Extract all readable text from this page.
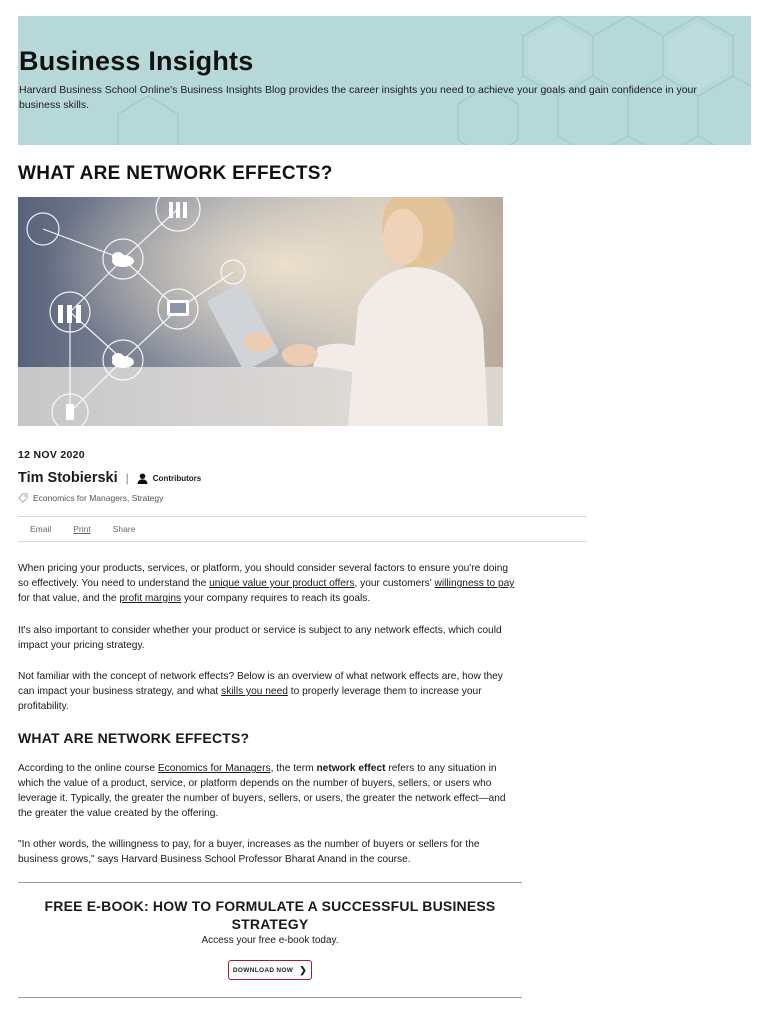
Business Insights

Harvard Business School Online's Business Insights Blog provides the career insights you need to achieve your goals and gain confidence in your business skills.

WHAT ARE NETWORK EFFECTS?
12 NOV 2020
Tim Stobierski |	Contributors
Economics for Managers, Strategy
Email	Print	Share

When pricing your products, services, or platform, you should consider several factors to ensure you're doing so effectively. You need to understand the unique value your product offers, your customers' willingness to pay for that value, and the profit margins your company requires to reach its goals.

It's also important to consider whether your product or service is subject to any network effects, which could impact your pricing strategy.

Not familiar with the concept of network effects? Below is an overview of what network effects are, how they can impact your business strategy, and what skills you need to properly leverage them to increase your profitability.

WHAT ARE NETWORK EFFECTS?

According to the online course Economics for Managers, the term network effect refers to any situation in which the value of a product, service, or platform depends on the number of buyers, sellers, or users who leverage it. Typically, the greater the number of buyers, sellers, or users, the greater the network effect—and the greater the value created by the offering.

"In other words, the willingness to pay, for a buyer, increases as the number of buyers or sellers for the business grows," says Harvard Business School Professor Bharat Anand in the course.

FREE E-BOOK: HOW TO FORMULATE A SUCCESSFUL BUSINESS STRATEGY
Access your free e-book today.
DOWNLOAD NOW ❯
